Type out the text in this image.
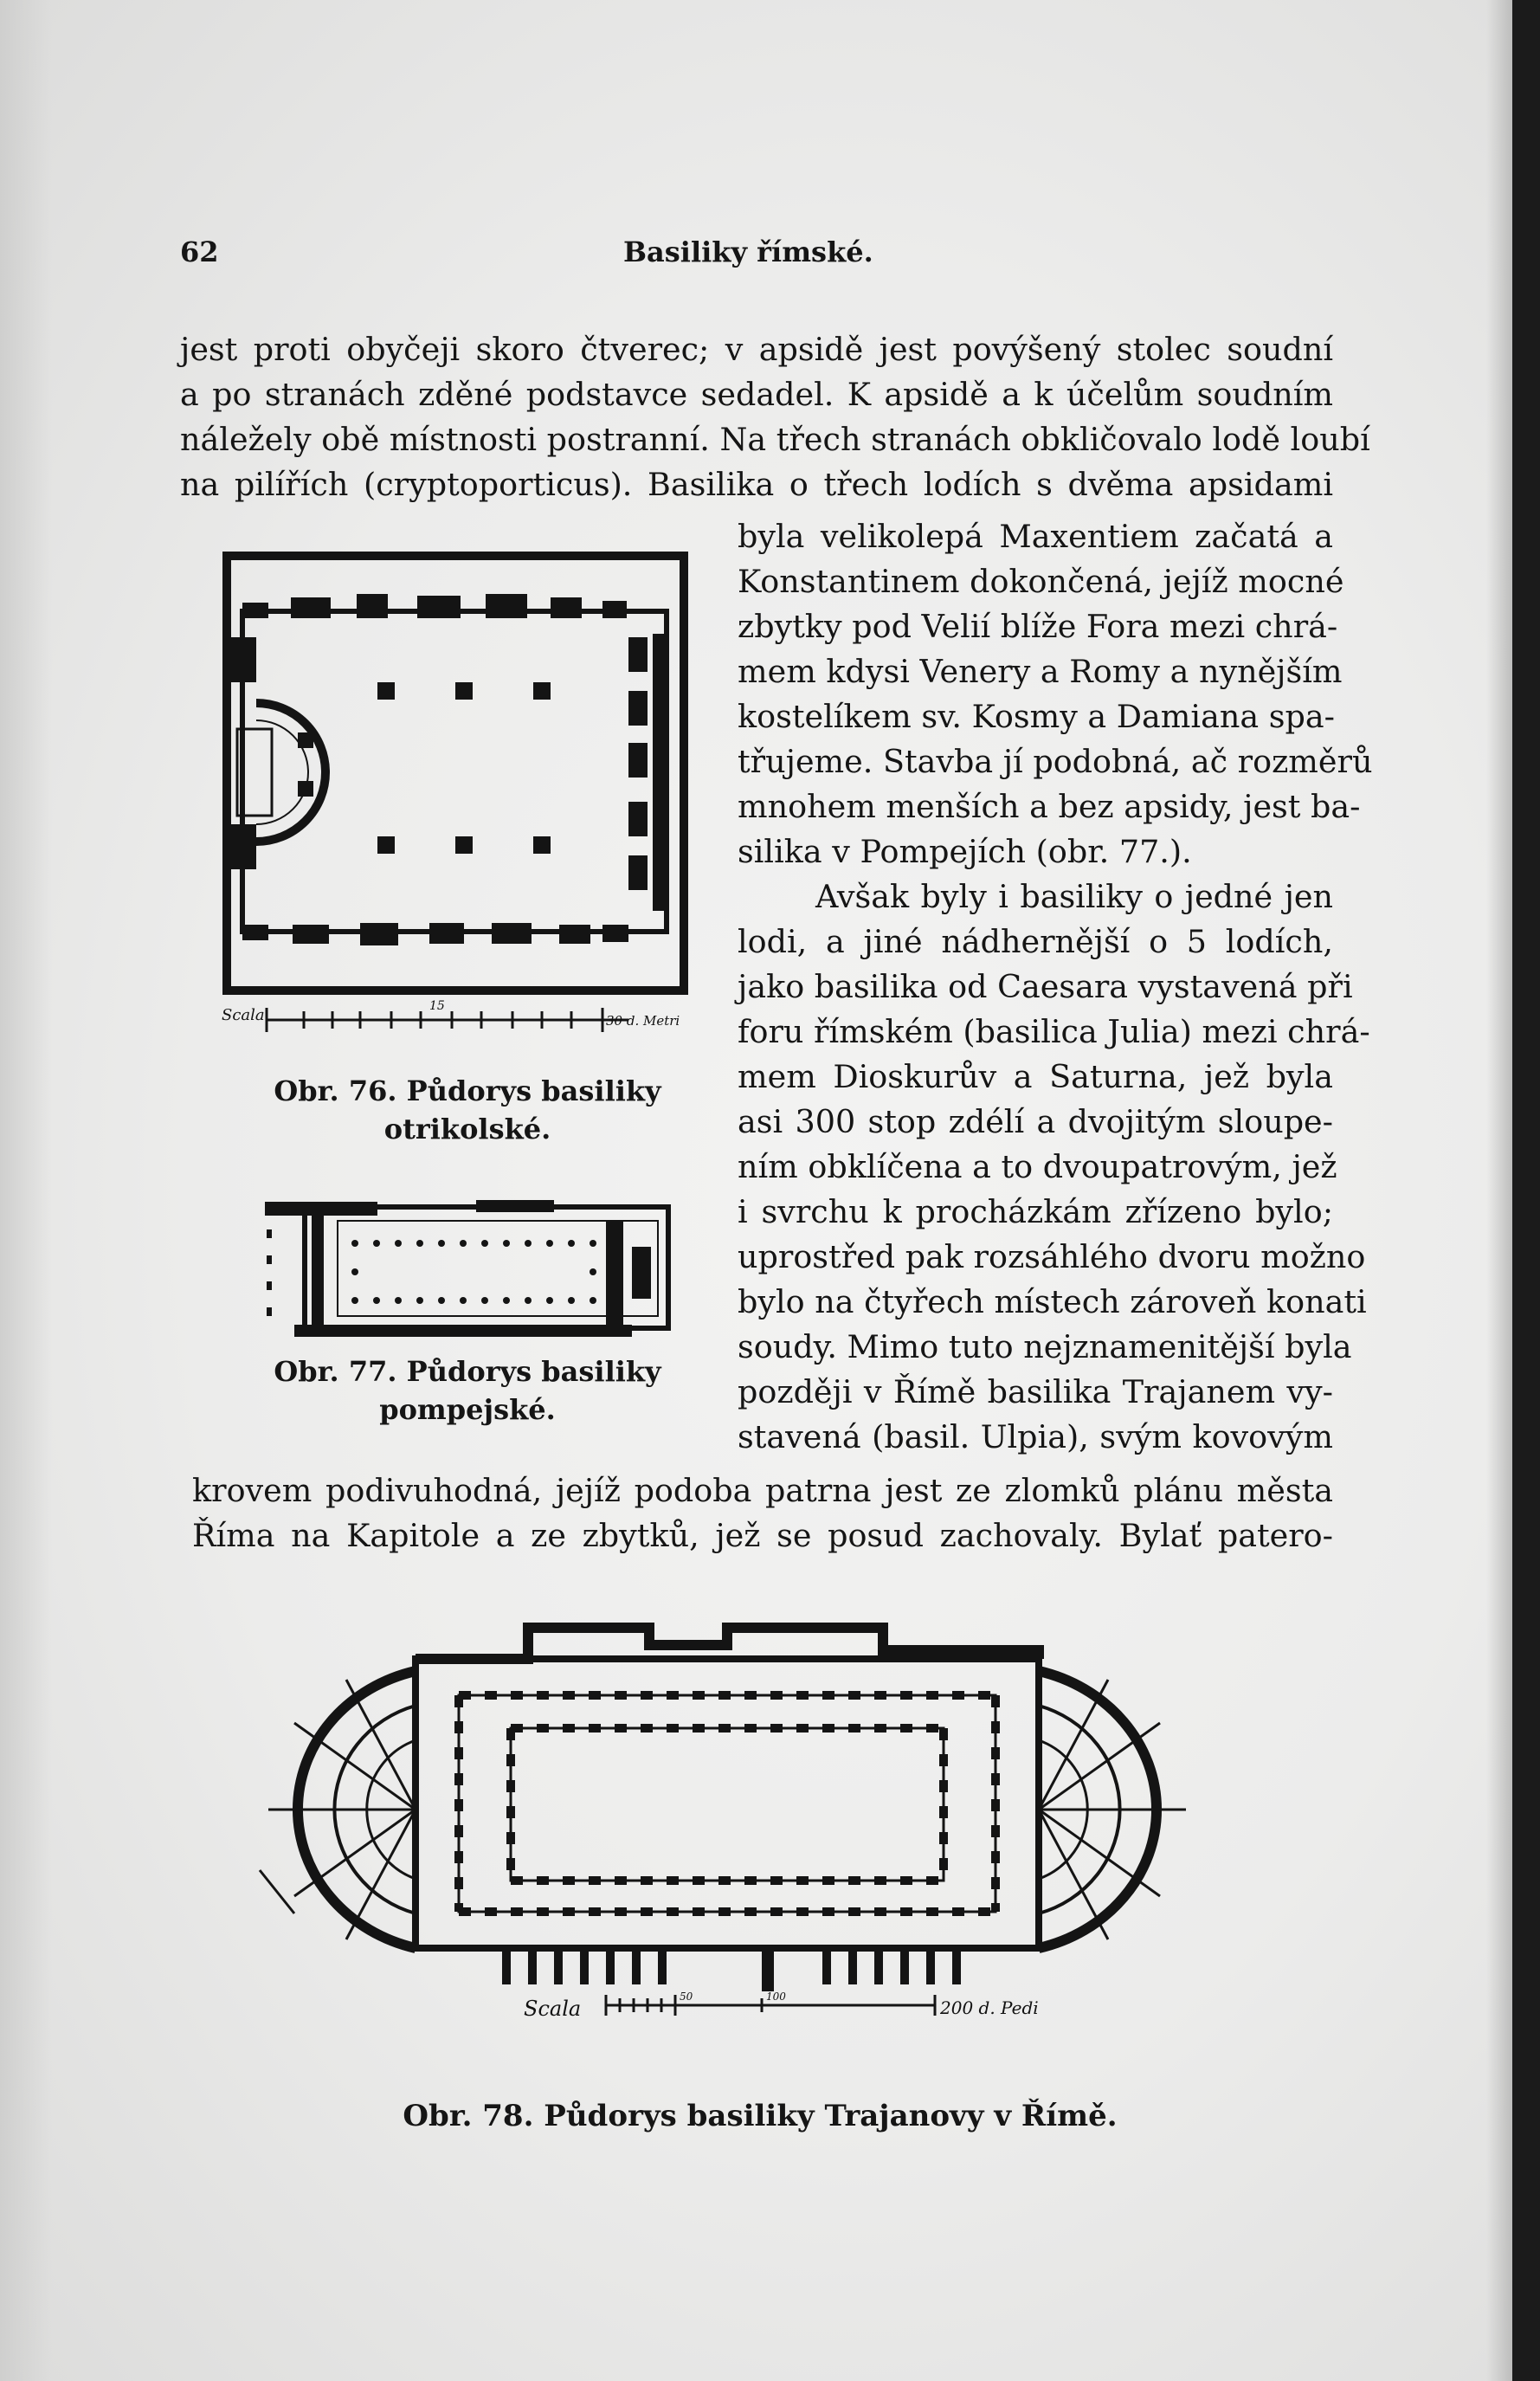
62	Basiliky římské.
jest proti obyčeji skoro čtverec; v apsidě jest povýšený stolec soudní
a po stranách zděné podstavce sedadel. K apsidě a k účelům soudním
náležely obě místnosti postranní. Na třech stranách obkličovalo lodě loubí
na pilířích (cryptoporticus). Basilika o třech lodích s dvěma apsidami
byla velikolepá Maxentiem začatá a
Konstantinem dokončená, jejíž mocné
zbytky pod Velií blíže Fora mezi chrá-
mem kdysi Venery a Romy a nynějším
kostelíkem sv. Kosmy a Damiana spa-
třujeme. Stavba jí podobná, ač rozměrů
mnohem menších a bez apsidy, jest ba-
silika v Pompejích (obr. 77.).
Avšak byly i basiliky o jedné jen
lodi, a jiné nádhernější o 5 lodích,
jako basilika od Caesara vystavená při
foru římském (basilica Julia) mezi chrá-
mem Dioskurův a Saturna, jež byla
asi 300 stop zdélí a dvojitým sloupe-
ním obklíčena a to dvoupatrovým, jež
i svrchu k procházkám zřízeno bylo;
uprostřed pak rozsáhlého dvoru možno
bylo na čtyřech místech zároveň konati
soudy. Mimo tuto nejznamenitější byla
později v Římě basilika Trajanem vy-
stavená (basil. Ulpia), svým kovovým
krovem podivuhodná, jejíž podoba patrna jest ze zlomků plánu města
Říma na Kapitole a ze zbytků, jež se posud zachovaly. Bylať patero-
Scala	15
30 d. Metri
Obr. 76. Půdorys basiliky
otrikolské.
Obr. 77. Půdorys basiliky
pompejské.
Scala	50	100
200 d. Pedi
Obr. 78. Půdorys basiliky Trajanovy v Římě.
